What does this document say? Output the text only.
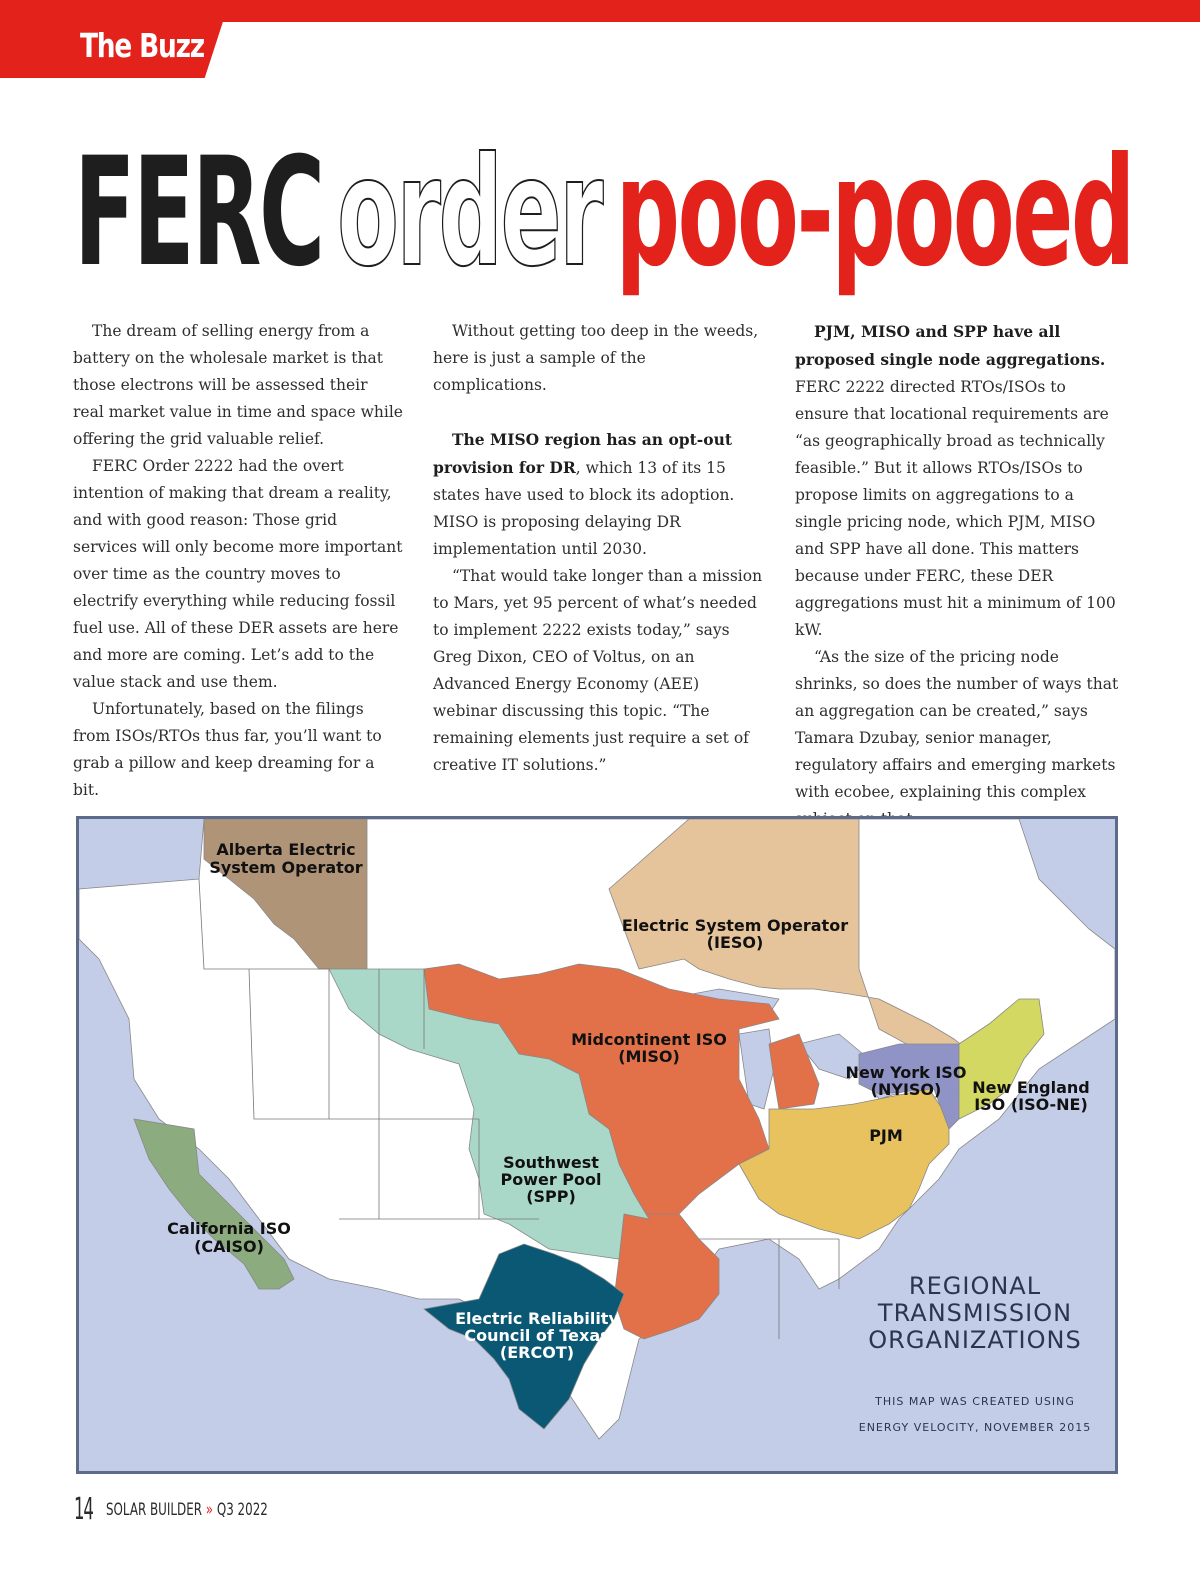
The Buzz
FERCorderpoo-pooed

The dream of selling energy from a battery on the wholesale market is that those electrons will be assessed their real market value in time and space while offering the grid valuable relief.

FERC Order 2222 had the overt intention of making that dream a reality, and with good reason: Those grid services will only become more important over time as the country moves to electrify everything while reducing fossil fuel use. All of these DER assets are here and more are coming. Let’s add to the value stack and use them.

Unfortunately, based on the filings from ISOs/RTOs thus far, you’ll want to grab a pillow and keep dreaming for a bit.

Without getting too deep in the weeds, here is just a sample of the complications.

The MISO region has an opt-out provision for DR, which 13 of its 15 states have used to block its adoption. MISO is proposing delaying DR implementation until 2030.

“That would take longer than a mission to Mars, yet 95 percent of what’s needed to implement 2222 exists today,” says Greg Dixon, CEO of Voltus, on an Advanced Energy Economy (AEE) webinar discussing this topic. “The remaining elements just require a set of creative IT solutions.”

PJM, MISO and SPP have all proposed single node aggregations. FERC 2222 directed RTOs/ISOs to ensure that locational requirements are “as geographically broad as technically feasible.” But it allows RTOs/ISOs to propose limits on aggregations to a single pricing node, which PJM, MISO and SPP have all done. This matters because under FERC, these DER aggregations must hit a minimum of 100 kW.

“As the size of the pricing node shrinks, so does the number of ways that an aggregation can be created,” says Tamara Dzubay, senior manager, regulatory affairs and emerging markets with ecobee, explaining this complex

Alberta Electric
System Operator
Electric System Operator
(IESO)
Midcontinent ISO
(MISO)
New York ISO
(NYISO) New England
ISO (ISO-NE)
PJM
Southwest
Power Pool
(SPP)
California ISO
(CAISO)
Electric Reliability
Council of Texas
(ERCOT)
REGIONAL
TRANSMISSION
ORGANIZATIONS
THIS MAP WAS CREATED USING
ENERGY VELOCITY, NOVEMBER 2015
14 SOLAR BUILDER » Q3 2022
